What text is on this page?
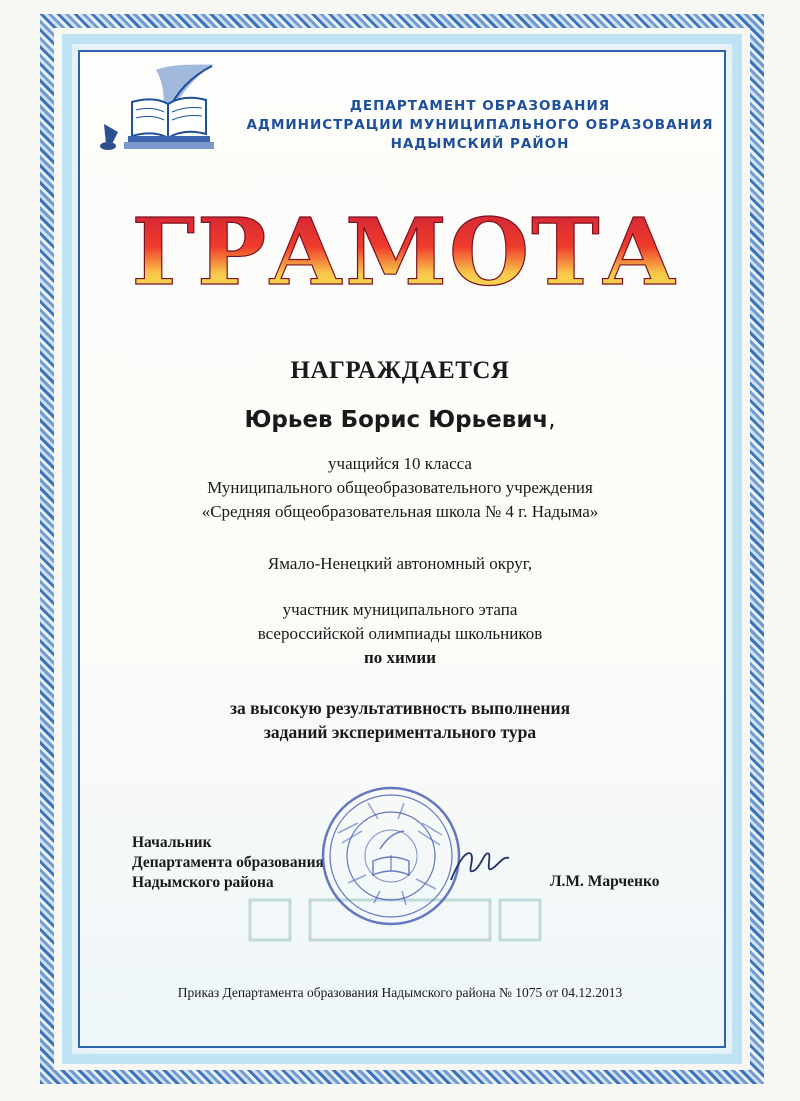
ДЕПАРТАМЕНТ ОБРАЗОВАНИЯ
АДМИНИСТРАЦИИ МУНИЦИПАЛЬНОГО ОБРАЗОВАНИЯ
НАДЫМСКИЙ РАЙОН
ГРАМОТА
НАГРАЖДАЕТСЯ
Юрьев Борис Юрьевич,
учащийся 10 класса
Муниципального общеобразовательного учреждения
«Средняя общеобразовательная школа № 4 г. Надыма»
Ямало-Ненецкий автономный округ,
участник муниципального этапа
всероссийской олимпиады школьников
по химии
за высокую результативность выполнения
заданий экспериментального тура
Начальник
Департамента образования
Надымского района	Л.М. Марченко
Приказ Департамента образования Надымского района № 1075 от 04.12.2013
